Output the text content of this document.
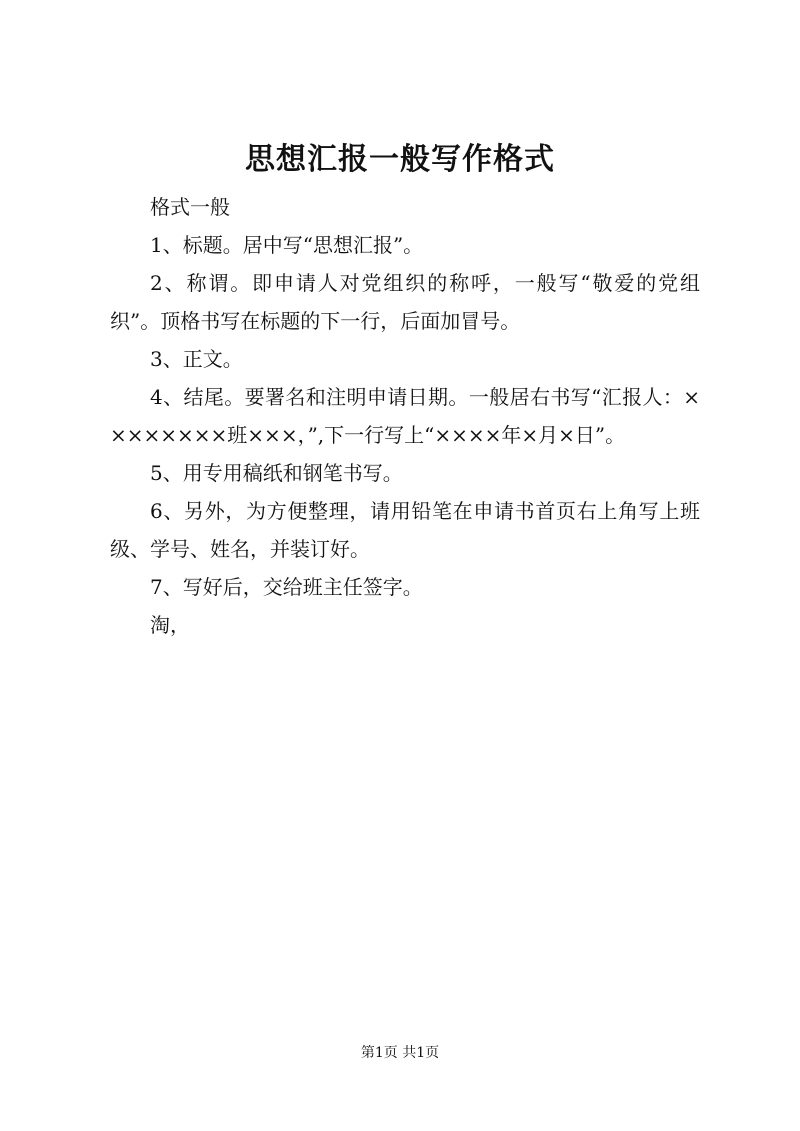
思想汇报一般写作格式

格式一般

1、标题。居中写“思想汇报”。

2、称谓。即申请人对党组织的称呼，一般写“敬爱的党组织”。顶格书写在标题的下一行，后面加冒号。

3、正文。

4、结尾。要署名和注明申请日期。一般居右书写“汇报人：××××××××班×××，”,下一行写上“××××年×月×日”。

5、用专用稿纸和钢笔书写。

6、另外，为方便整理，请用铅笔在申请书首页右上角写上班级、学号、姓名，并装订好。

7、写好后，交给班主任签字。

淘，

第1页 共1页
